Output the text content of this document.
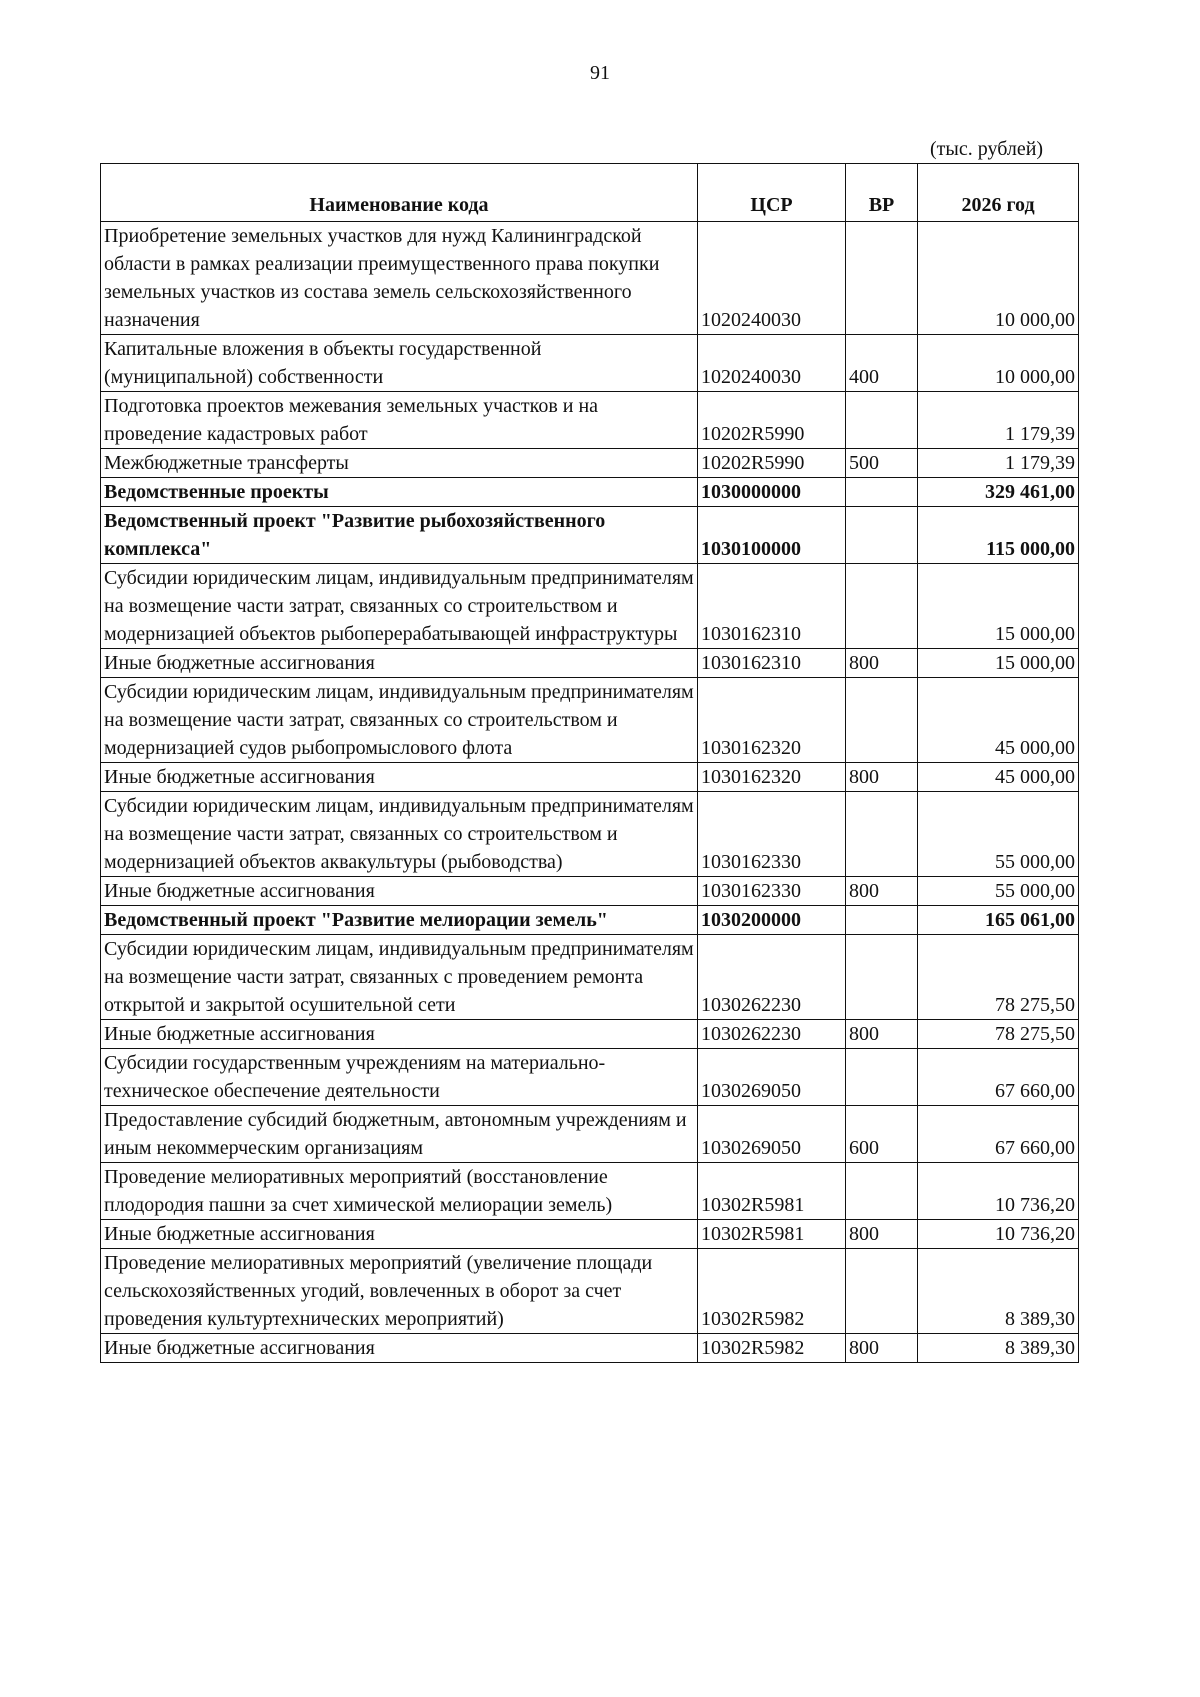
91
(тыс. рублей)
Наименование кода	ЦСР	ВР	2026 год
Приобретение земельных участков для нужд Калининградской области в рамках реализации преимущественного права покупки земельных участков из состава земель сельскохозяйственного назначения	1020240030		10 000,00
Капитальные вложения в объекты государственной (муниципальной) собственности	1020240030	400	10 000,00
Подготовка проектов межевания земельных участков и на проведение кадастровых работ	10202R5990		1 179,39
Межбюджетные трансферты	10202R5990	500	1 179,39
Ведомственные проекты	1030000000		329 461,00
Ведомственный проект "Развитие рыбохозяйственного комплекса"	1030100000		115 000,00
Субсидии юридическим лицам, индивидуальным предпринимателям на возмещение части затрат, связанных со строительством и модернизацией объектов рыбоперерабатывающей инфраструктуры	1030162310		15 000,00
Иные бюджетные ассигнования	1030162310	800	15 000,00
Субсидии юридическим лицам, индивидуальным предпринимателям на возмещение части затрат, связанных со строительством и модернизацией судов рыбопромыслового флота	1030162320		45 000,00
Иные бюджетные ассигнования	1030162320	800	45 000,00
Субсидии юридическим лицам, индивидуальным предпринимателям на возмещение части затрат, связанных со строительством и модернизацией объектов аквакультуры (рыбоводства)	1030162330		55 000,00
Иные бюджетные ассигнования	1030162330	800	55 000,00
Ведомственный проект "Развитие мелиорации земель"	1030200000		165 061,00
Субсидии юридическим лицам, индивидуальным предпринимателям на возмещение части затрат, связанных с проведением ремонта открытой и закрытой осушительной сети	1030262230		78 275,50
Иные бюджетные ассигнования	1030262230	800	78 275,50
Субсидии государственным учреждениям на материально-техническое обеспечение деятельности	1030269050		67 660,00
Предоставление субсидий бюджетным, автономным учреждениям и иным некоммерческим организациям	1030269050	600	67 660,00
Проведение мелиоративных мероприятий (восстановление плодородия пашни за счет химической мелиорации земель)	10302R5981		10 736,20
Иные бюджетные ассигнования	10302R5981	800	10 736,20
Проведение мелиоративных мероприятий (увеличение площади сельскохозяйственных угодий, вовлеченных в оборот за счет проведения культуртехнических мероприятий)	10302R5982		8 389,30
Иные бюджетные ассигнования	10302R5982	800	8 389,30
